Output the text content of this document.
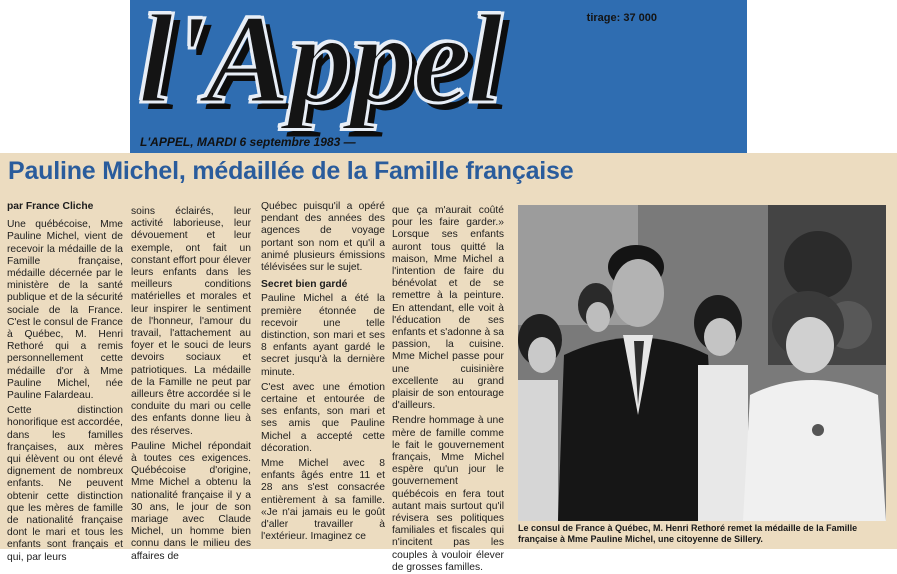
l'Appel	tirage: 37 000
L'APPEL, MARDI 6 septembre 1983 —
Pauline Michel, médaillée de la Famille française

par France Cliche

Une québécoise, Mme Pauline Michel, vient de recevoir la médaille de la Famille française, médaille décernée par le ministère de la santé publique et de la sécurité sociale de la France. C'est le consul de France à Québec, M. Henri Rethoré qui a remis personnellement cette médaille d'or à Mme Pauline Michel, née Pauline Falardeau.

Cette distinction honorifique est accordée, dans les familles françaises, aux mères qui élèvent ou ont élevé dignement de nombreux enfants. Ne peuvent obtenir cette distinction que les mères de famille de nationalité française dont le mari et tous les enfants sont français et qui, par leurs

soins éclairés, leur activité laborieuse, leur dévouement et leur exemple, ont fait un constant effort pour élever leurs enfants dans les meilleurs conditions matérielles et morales et leur inspirer le sentiment de l'honneur, l'amour du travail, l'attachement au foyer et le souci de leurs devoirs sociaux et patriotiques. La médaille de la Famille ne peut par ailleurs être accordée si le conduite du mari ou celle des enfants donne lieu à des réserves.

Pauline Michel répondait à toutes ces exigences. Québécoise d'origine, Mme Michel a obtenu la nationalité française il y a 30 ans, le jour de son mariage avec Claude Michel, un homme bien connu dans le milieu des affaires de

Québec puisqu'il a opéré pendant des années des agences de voyage portant son nom et qu'il a animé plusieurs émissions télévisées sur le sujet.

Secret bien gardé

Pauline Michel a été la première étonnée de recevoir une telle distinction, son mari et ses 8 enfants ayant gardé le secret jusqu'à la dernière minute.

C'est avec une émotion certaine et entourée de ses enfants, son mari et ses amis que Pauline Michel a accepté cette décoration.

Mme Michel avec 8 enfants âgés entre 11 et 28 ans s'est consacrée entièrement à sa famille. «Je n'ai jamais eu le goût d'aller travailler à l'extérieur. Imaginez ce

que ça m'aurait coûté pour les faire garder.» Lorsque ses enfants auront tous quitté la maison, Mme Michel a l'intention de faire du bénévolat et de se remettre à la peinture. En attendant, elle voit à l'éducation de ses enfants et s'adonne à sa passion, la cuisine. Mme Michel passe pour une cuisinière excellente au grand plaisir de son entourage d'ailleurs.

Rendre hommage à une mère de famille comme le fait le gouvernement français, Mme Michel espère qu'un jour le gouvernement québécois en fera tout autant mais surtout qu'il révisera ses politiques familiales et fiscales qui n'incitent pas les couples à vouloir élever de grosses familles.

Le consul de France à Québec, M. Henri Rethoré remet la médaille de la Famille française à Mme Pauline Michel, une citoyenne de Sillery.
